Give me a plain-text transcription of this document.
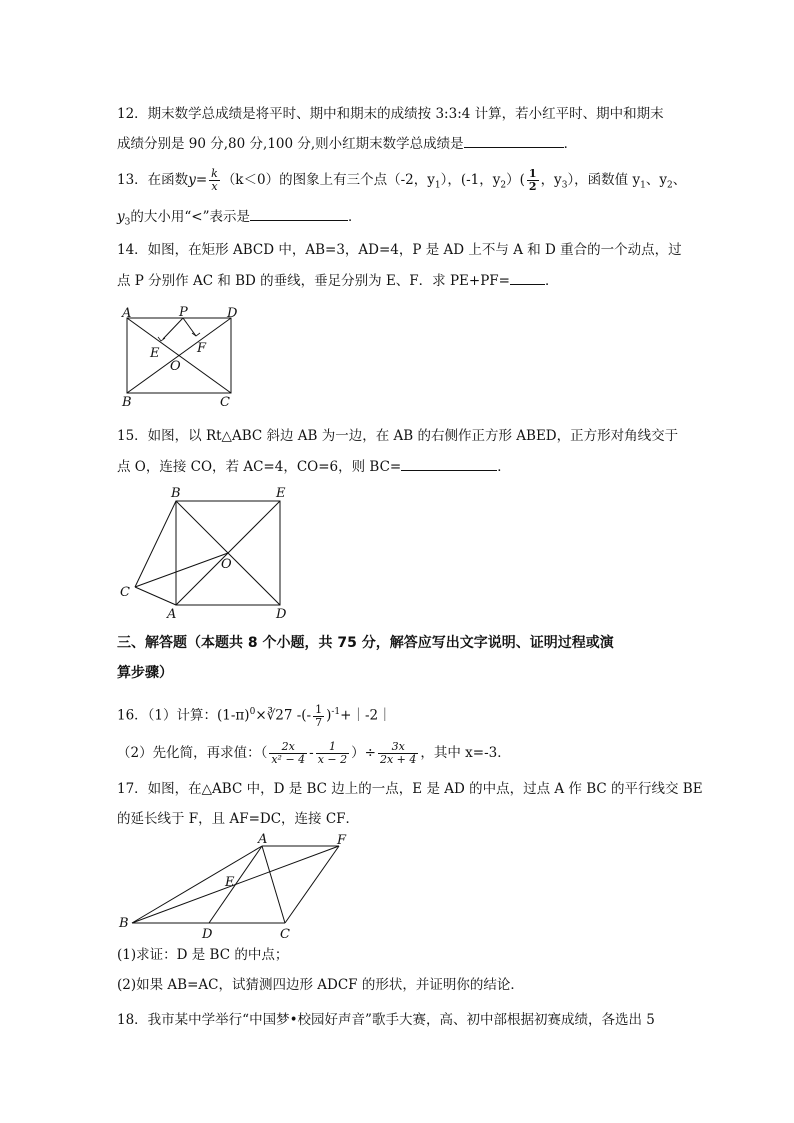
12．期末数学总成绩是将平时、期中和期末的成绩按 3:3:4 计算，若小红平时、期中和期末
成绩分别是 90 分,80 分,100 分,则小红期末数学总成绩是	．
13．在函数$y= \frac{k}{x} (k<0)$的图象上有三个点（-2，$y_1$），(-1，$y_2)( \frac{1}{2}$ ，$y_3$），函数值 $y_1$、$y_2$、
$y_3$的大小用“<”表示是	．
14．如图，在矩形 ABCD 中，AB=3，AD=4，P 是 AD 上不与 A 和 D 重合的一个动点，过
点 P 分别作 AC 和 BD 的垂线，垂足分别为 E、F．求 PE+PF=	．
A	P	D
E	F
O
B	C
15．如图，以 Rt△ABC 斜边 AB 为一边，在 AB 的右侧作正方形 ABED，正方形对角线交于
点 O，连接 CO，若 AC=4，CO=6，则 BC=	．
B	E
O
C
A	D
三、解答题（本题共 8 个小题，共 75 分，解答应写出文字说明、证明过程或演
算步骤）
16．（1）计算：$(1-\pi)^0\times∛27$ -(- $\frac{1}{7}$ )$^{-1}$+｜-2｜
（2）先化简，再求值：（ $\frac{2x}{\text{x² − 4}} - \frac{1}{x - 2}$ ）÷ $\frac{3x}{2x + 4}$ ，其中 x=-3．
17．如图，在△ABC 中，D 是 BC 边上的一点，E 是 AD 的中点，过点 A 作 BC 的平行线交 BE
的延长线于 F，且 AF=DC，连接 CF．
A	F
E
B
D	C
(1)求证：D 是 BC 的中点；
(2)如果 AB=AC，试猜测四边形 ADCF 的形状，并证明你的结论．
18．我市某中学举行“中国梦•校园好声音”歌手大赛，高、初中部根据初赛成绩，各选出 5
